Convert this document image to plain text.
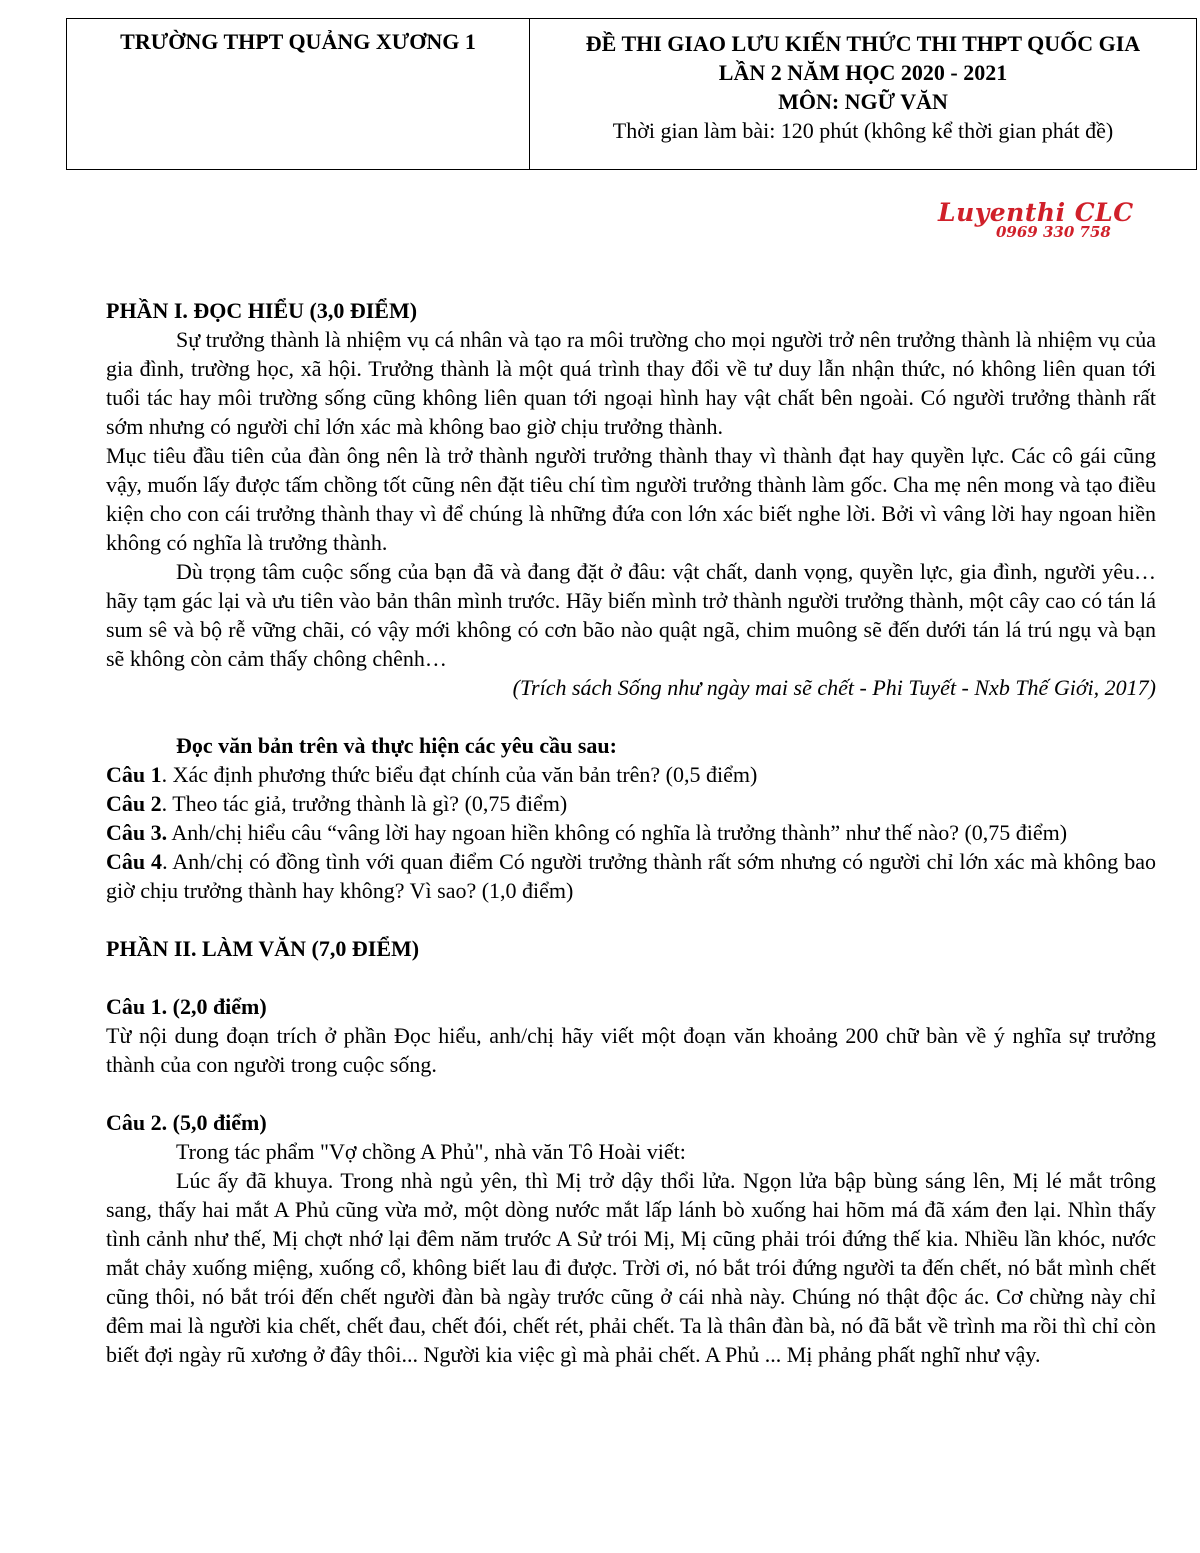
TRƯỜNG THPT QUẢNG XƯƠNG 1	ĐỀ THI GIAO LƯU KIẾN THỨC THI THPT QUỐC GIA
LẦN 2 NĂM HỌC 2020 - 2021
MÔN: NGỮ VĂN
Thời gian làm bài: 120 phút (không kể thời gian phát đề)
Luyenthi CLC
0969 330 758

PHẦN I. ĐỌC HIỂU (3,0 ĐIỂM)

Sự trưởng thành là nhiệm vụ cá nhân và tạo ra môi trường cho mọi người trở nên trưởng thành là nhiệm vụ của gia đình, trường học, xã hội. Trưởng thành là một quá trình thay đổi về tư duy lẫn nhận thức, nó không liên quan tới tuổi tác hay môi trường sống cũng không liên quan tới ngoại hình hay vật chất bên ngoài. Có người trưởng thành rất sớm nhưng có người chỉ lớn xác mà không bao giờ chịu trưởng thành.

Mục tiêu đầu tiên của đàn ông nên là trở thành người trưởng thành thay vì thành đạt hay quyền lực. Các cô gái cũng vậy, muốn lấy được tấm chồng tốt cũng nên đặt tiêu chí tìm người trưởng thành làm gốc. Cha mẹ nên mong và tạo điều kiện cho con cái trưởng thành thay vì để chúng là những đứa con lớn xác biết nghe lời. Bởi vì vâng lời hay ngoan hiền không có nghĩa là trưởng thành.

Dù trọng tâm cuộc sống của bạn đã và đang đặt ở đâu: vật chất, danh vọng, quyền lực, gia đình, người yêu… hãy tạm gác lại và ưu tiên vào bản thân mình trước. Hãy biến mình trở thành người trưởng thành, một cây cao có tán lá sum sê và bộ rễ vững chãi, có vậy mới không có cơn bão nào quật ngã, chim muông sẽ đến dưới tán lá trú ngụ và bạn sẽ không còn cảm thấy chông chênh…

(Trích sách Sống như ngày mai sẽ chết - Phi Tuyết - Nxb Thế Giới, 2017)

Đọc văn bản trên và thực hiện các yêu cầu sau:

Câu 1. Xác định phương thức biểu đạt chính của văn bản trên? (0,5 điểm)

Câu 2. Theo tác giả, trưởng thành là gì? (0,75 điểm)

Câu 3. Anh/chị hiểu câu “vâng lời hay ngoan hiền không có nghĩa là trưởng thành” như thế nào? (0,75 điểm)

Câu 4. Anh/chị có đồng tình với quan điểm Có người trưởng thành rất sớm nhưng có người chỉ lớn xác mà không bao giờ chịu trưởng thành hay không? Vì sao? (1,0 điểm)

PHẦN II. LÀM VĂN (7,0 ĐIỂM)

Câu 1. (2,0 điểm)

Từ nội dung đoạn trích ở phần Đọc hiểu, anh/chị hãy viết một đoạn văn khoảng 200 chữ bàn về ý nghĩa sự trưởng thành của con người trong cuộc sống.

Câu 2. (5,0 điểm)

Trong tác phẩm "Vợ chồng A Phủ", nhà văn Tô Hoài viết:

Lúc ấy đã khuya. Trong nhà ngủ yên, thì Mị trở dậy thổi lửa. Ngọn lửa bập bùng sáng lên, Mị lé mắt trông sang, thấy hai mắt A Phủ cũng vừa mở, một dòng nước mắt lấp lánh bò xuống hai hõm má đã xám đen lại. Nhìn thấy tình cảnh như thế, Mị chợt nhớ lại đêm năm trước A Sử trói Mị, Mị cũng phải trói đứng thế kia. Nhiều lần khóc, nước mắt chảy xuống miệng, xuống cổ, không biết lau đi được. Trời ơi, nó bắt trói đứng người ta đến chết, nó bắt mình chết cũng thôi, nó bắt trói đến chết người đàn bà ngày trước cũng ở cái nhà này. Chúng nó thật độc ác. Cơ chừng này chỉ đêm mai là người kia chết, chết đau, chết đói, chết rét, phải chết. Ta là thân đàn bà, nó đã bắt về trình ma rồi thì chỉ còn biết đợi ngày rũ xương ở đây thôi... Người kia việc gì mà phải chết. A Phủ ... Mị phảng phất nghĩ như vậy.
